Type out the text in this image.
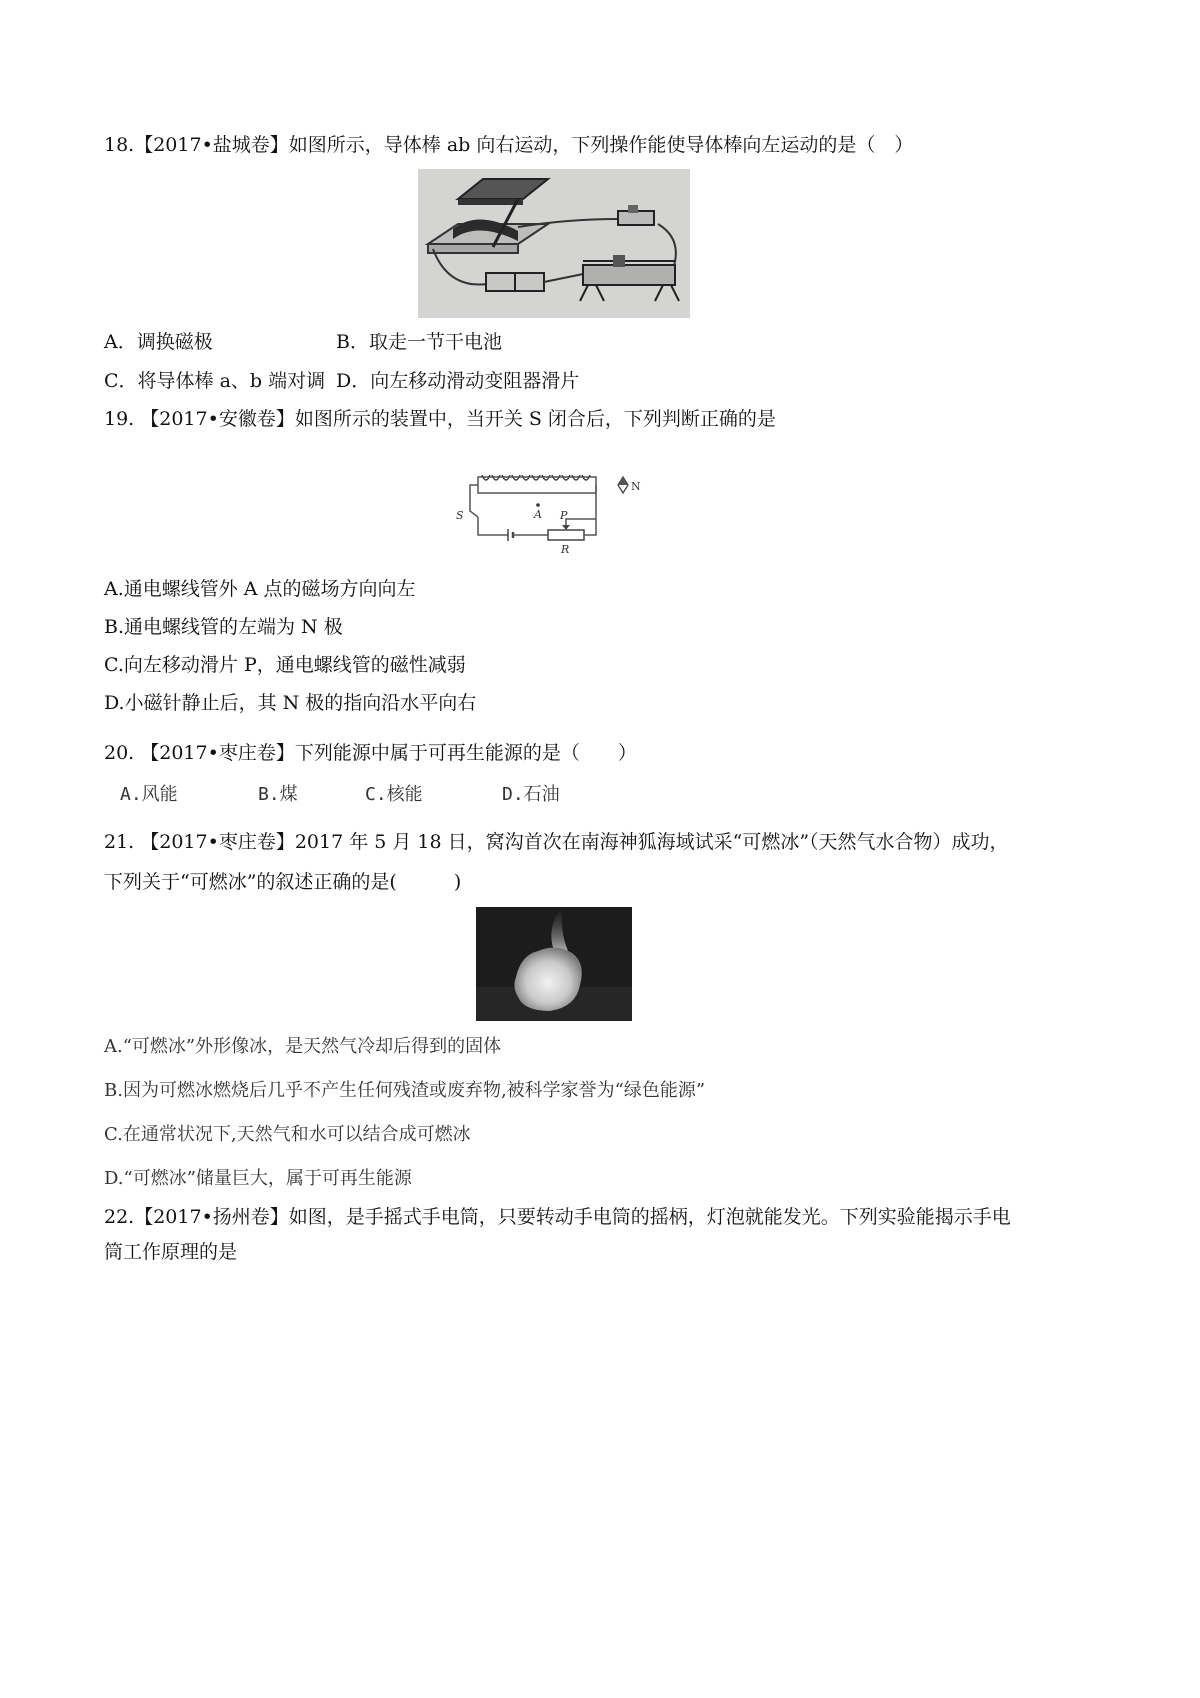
18.【2017•盐城卷】如图所示，导体棒 ab 向右运动，下列操作能使导体棒向左运动的是（　）
A．调换磁极	B．取走一节干电池
C．将导体棒 a、b 端对调 D．向左移动滑动变阻器滑片
19. 【2017•安徽卷】如图所示的装置中，当开关 S 闭合后，下列判断正确的是
S	A P
R
N
A.通电螺线管外 A 点的磁场方向向左
B.通电螺线管的左端为 N 极
C.向左移动滑片 P，通电螺线管的磁性减弱
D.小磁针静止后，其 N 极的指向沿水平向右
20. 【2017•枣庄卷】下列能源中属于可再生能源的是（　　）
A.风能	B.煤	C.核能	D.石油
21. 【2017•枣庄卷】2017 年 5 月 18 日，窝沟首次在南海神狐海域试采“可燃冰”（天然气水合物）成功，
下列关于“可燃冰”的叙述正确的是(　　　)
A.“可燃冰”外形像冰，是天然气冷却后得到的固体
B.因为可燃冰燃烧后几乎不产生任何残渣或废弃物,被科学家誉为“绿色能源”
C.在通常状况下,天然气和水可以结合成可燃冰
D.“可燃冰”储量巨大，属于可再生能源
22.【2017•扬州卷】如图，是手摇式手电筒，只要转动手电筒的摇柄，灯泡就能发光。下列实验能揭示手电
筒工作原理的是
